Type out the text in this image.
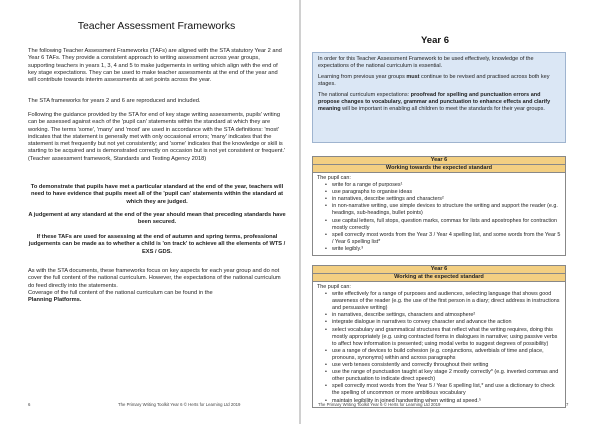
Teacher Assessment Frameworks
The following Teacher Assessment Frameworks (TAFs) are aligned with the STA statutory Year 2 and Year 6 TAFs. They provide a consistent approach to writing assessment across year groups, supporting teachers in years 1, 3, 4 and 5 to make judgements in writing which align with the end of key stage expectations. They can be used to make teacher assessments at the end of the year and will contribute towards interim assessments at set points across the year.
The STA frameworks for years 2 and 6 are reproduced and included.
Following the guidance provided by the STA for end of key stage writing assessments, pupils' writing can be assessed against each of the 'pupil can' statements within the standard at which they are working. The terms 'some', 'many' and 'most' are used in accordance with the STA definitions: 'most' indicates that the statement is generally met with only occasional errors; 'many' indicates that the statement is met frequently but not yet consistently; and 'some' indicates that the knowledge or skill is starting to be acquired and is demonstrated correctly on occasion but is not yet consistent or frequent.' (Teacher assessment framework, Standards and Testing Agency 2018)
To demonstrate that pupils have met a particular standard at the end of the year, teachers will need to have evidence that pupils meet all of the 'pupil can' statements within the standard at which they are judged.
A judgement at any standard at the end of the year should mean that preceding standards have been secured.
If these TAFs are used for assessing at the end of autumn and spring terms, professional judgements can be made as to whether a child is 'on track' to achieve all the elements of WTS / EXS / GDS.
As with the STA documents, these frameworks focus on key aspects for each year group and do not cover the full content of the national curriculum. However, the expectations of the national curriculum do feed directly into the statements.
Coverage of the full content of the national curriculum can be found in the
Planning Platforms.
6	The Primary Writing Toolkit Year 6 © Herts for Learning Ltd 2019
Year 6

In order for this Teacher Assessment Framework to be used effectively, knowledge of the expectations of the national curriculum is essential.

Learning from previous year groups must continue to be revised and practised across both key stages.

The national curriculum expectations: proofread for spelling and punctuation errors and propose changes to vocabulary, grammar and punctuation to enhance effects and clarify meaning will be important in enabling all children to meet the standards for their year groups.

Year 6
Working towards the expected standard
The pupil can:
• write for a range of purposes¹
• use paragraphs to organise ideas
• in narratives, describe settings and characters²
• in non-narrative writing, use simple devices to structure the writing and support the reader (e.g. headings, sub-headings, bullet points)
• use capital letters, full stops, question marks, commas for lists and apostrophes for contraction mostly correctly
• spell correctly most words from the Year 3 / Year 4 spelling list, and some words from the Year 5 / Year 6 spelling list*
• write legibly.³
Year 6
Working at the expected standard
The pupil can:
• write effectively for a range of purposes and audiences, selecting language that shows good awareness of the reader (e.g. the use of the first person in a diary; direct address in instructions and persuasive writing)
• in narratives, describe settings, characters and atmosphere²
• integrate dialogue in narratives to convey character and advance the action
• select vocabulary and grammatical structures that reflect what the writing requires, doing this mostly appropriately (e.g. using contracted forms in dialogues in narrative; using passive verbs to affect how information is presented; using modal verbs to suggest degrees of possibility)
• use a range of devices to build cohesion (e.g. conjunctions, adverbials of time and place, pronouns, synonyms) within and across paragraphs
• use verb tenses consistently and correctly throughout their writing
• use the range of punctuation taught at key stage 2 mostly correctly* (e.g. inverted commas and other punctuation to indicate direct speech)
• spell correctly most words from the Year 5 / Year 6 spelling list,* and use a dictionary to check the spelling of uncommon or more ambitious vocabulary
• maintain legibility in joined handwriting when writing at speed.⁵
The Primary Writing Toolkit Year 6 © Herts for Learning Ltd 2019	7
